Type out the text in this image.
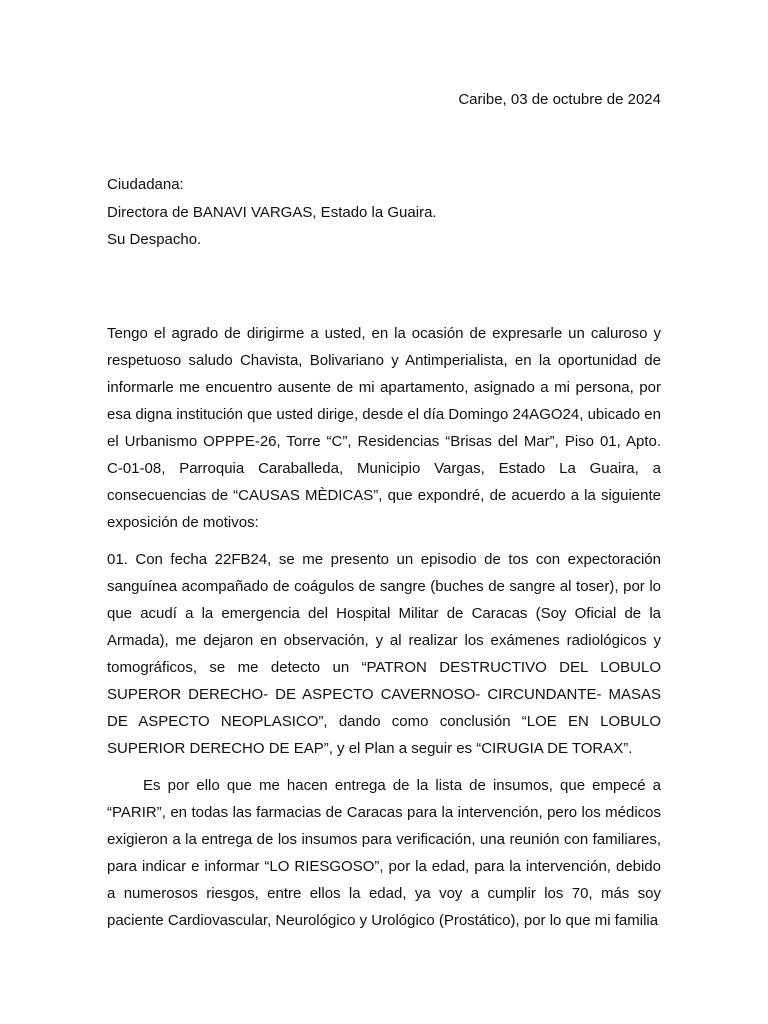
Caribe, 03 de octubre de 2024
Ciudadana:
Directora de BANAVI VARGAS, Estado la Guaira.
Su Despacho.

Tengo el agrado de dirigirme a usted, en la ocasión de expresarle un caluroso y respetuoso saludo Chavista, Bolivariano y Antimperialista, en la oportunidad de informarle me encuentro ausente de mi apartamento, asignado a mi persona, por esa digna institución que usted dirige, desde el día Domingo 24AGO24, ubicado en el Urbanismo OPPPE-26, Torre “C”, Residencias “Brisas del Mar”, Piso 01, Apto. C-01-08, Parroquia Caraballeda, Municipio Vargas, Estado La Guaira, a consecuencias de “CAUSAS MÈDICAS”, que expondré, de acuerdo a la siguiente exposición de motivos:

01. Con fecha 22FB24, se me presento un episodio de tos con expectoración sanguínea acompañado de coágulos de sangre (buches de sangre al toser), por lo que acudí a la emergencia del Hospital Militar de Caracas (Soy Oficial de la Armada), me dejaron en observación, y al realizar los exámenes radiológicos y tomográficos, se me detecto un “PATRON DESTRUCTIVO DEL LOBULO SUPEROR DERECHO- DE ASPECTO CAVERNOSO- CIRCUNDANTE- MASAS DE ASPECTO NEOPLASICO”, dando como conclusión “LOE EN LOBULO SUPERIOR DERECHO DE EAP”, y el Plan a seguir es “CIRUGIA DE TORAX”.

Es por ello que me hacen entrega de la lista de insumos, que empecé a “PARIR”, en todas las farmacias de Caracas para la intervención, pero los médicos exigieron a la entrega de los insumos para verificación, una reunión con familiares, para indicar e informar “LO RIESGOSO”, por la edad, para la intervención, debido a numerosos riesgos, entre ellos la edad, ya voy a cumplir los 70, más soy paciente Cardiovascular, Neurológico y Urológico (Prostático), por lo que mi familia
